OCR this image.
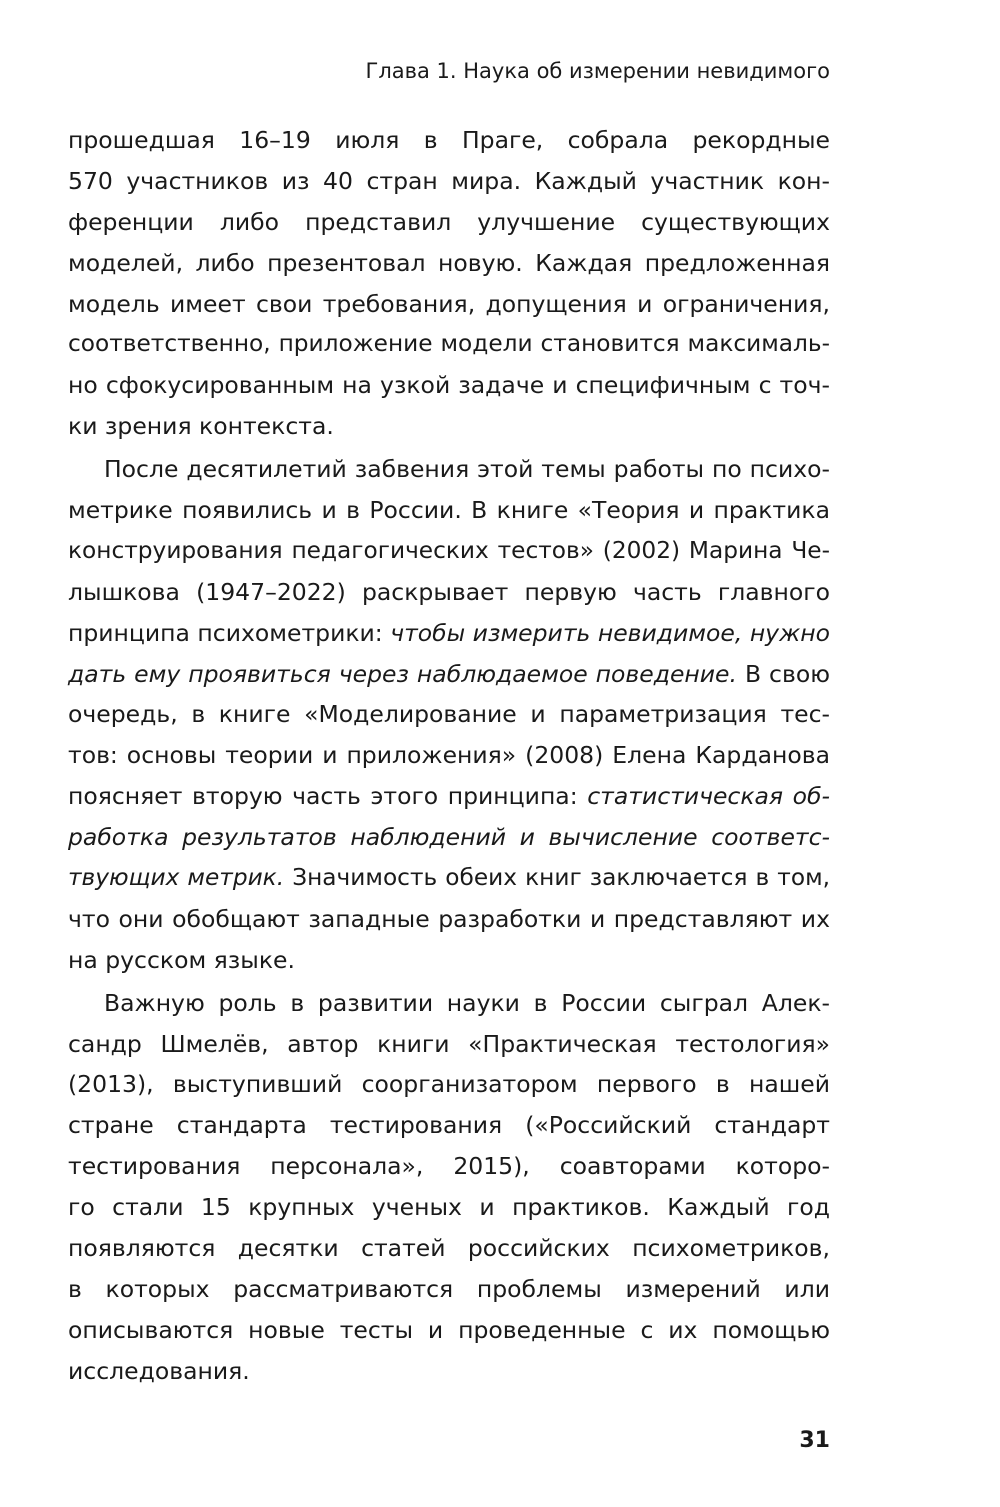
Глава 1. Наука об измерении невидимого
прошедшая 16–19 июля в Праге, собрала рекордные
570 участников из 40 стран мира. Каждый участник кон-
ференции либо представил улучшение существующих
моделей, либо презентовал новую. Каждая предложенная
модель имеет свои требования, допущения и ограничения,
соответственно, приложение модели становится максималь-
но сфокусированным на узкой задаче и специфичным с точ-
ки зрения контекста.
После десятилетий забвения этой темы работы по психо-
метрике появились и в России. В книге «Теория и практика
конструирования педагогических тестов» (2002) Марина Че-
лышкова (1947–2022) раскрывает первую часть главного
принципа психометрики: чтобы измерить невидимое, нужно
дать ему проявиться через наблюдаемое поведение. В свою
очередь, в книге «Моделирование и параметризация тес-
тов: основы теории и приложения» (2008) Елена Карданова
поясняет вторую часть этого принципа: статистическая об-
работка результатов наблюдений и вычисление соответс-
твующих метрик. Значимость обеих книг заключается в том,
что они обобщают западные разработки и представляют их
на русском языке.
Важную роль в развитии науки в России сыграл Алек-
сандр Шмелёв, автор книги «Практическая тестология»
(2013), выступивший соорганизатором первого в нашей
стране стандарта тестирования («Российский стандарт
тестирования персонала», 2015), соавторами которо-
го стали 15 крупных ученых и практиков. Каждый год
появляются десятки статей российских психометриков,
в которых рассматриваются проблемы измерений или
описываются новые тесты и проведенные с их помощью
исследования.
31
